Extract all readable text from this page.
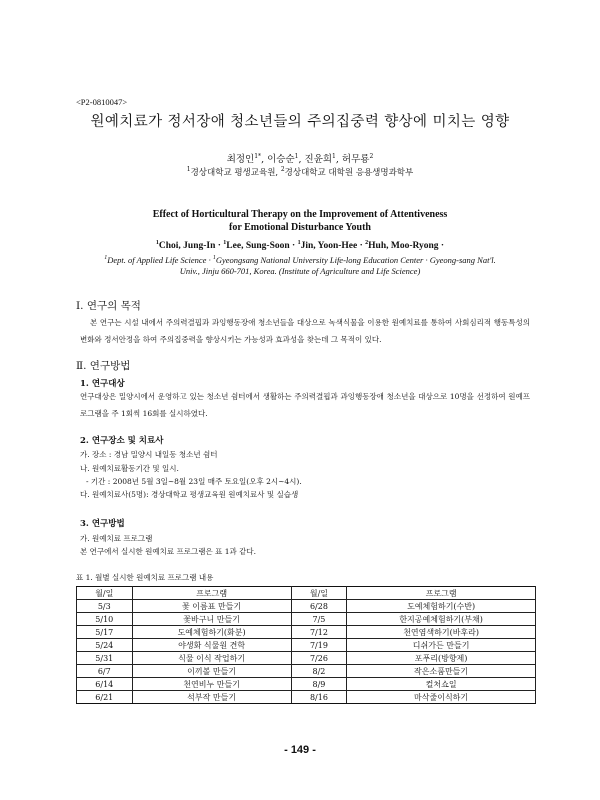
<P2-0810047>
원예치료가 정서장애 청소년들의 주의집중력 향상에 미치는 영향
최정인$^{1*}$, 이승순$^1$, 진윤희$^1$, 허무룡$^2$
$^1$경상대학교 평생교육원, $^2$경상대학교 대학원 응용생명과학부
Effect of Horticultural Therapy on the Improvement of Attentiveness
for Emotional Disturbance Youth
$^1$Choi, Jung-In · $^1$Lee, Sung-Soon · $^1$Jin, Yoon-Hee · $^2$Huh, Moo-Ryong ·
$^1$Dept. of Applied Life Science · $^1$Gyeongsang National University Life-long Education Center · Gyeong-sang Nat'l. Univ., Jinju 660-701, Korea. (Institute of Agriculture and Life Science)
Ⅰ. 연구의 목적
본 연구는 시설 내에서 주의력결핍과 과잉행동장애 청소년들을 대상으로 녹색식물을 이용한 원예치료를 통하여 사회심리적 행동특성의 변화와 정서안정을 하여 주의집중력을 향상시키는 가능성과 효과성을 찾는데 그 목적이 있다.
Ⅱ. 연구방법
1. 연구대상
연구대상은 밀양시에서 운영하고 있는 청소년 쉼터에서 생활하는 주의력결핍과 과잉행동장애 청소년을 대상으로 10명을 선정하여 원예프로그램을 주 1회씩 16회를 실시하였다.
2. 연구장소 및 치료사
가. 장소 : 경남 밀양시 내일동 청소년 쉼터
나. 원예치료활동기간 및 일시.
- 기간 : 2008년 5월 3일~8월 23일 매주 토요일(오후 2시~4시).
다. 원예치료사(5명): 경상대학교 평생교육원 원예치료사 및 실습생
3. 연구방법
가. 원예치료 프로그램
본 연구에서 실시한 원예치료 프로그램은 표 1과 같다.
표 1. 월별 실시한 원예치료 프로그램 내용
월/일	프로그램	월/일	프로그램
5/3	꽃 이름표 만들기	6/28	도예체험하기(수반)
5/10	꽃바구니 만들기	7/5	한지공예체험하기(부채)
5/17	도예체험하기(화분)	7/12	천연염색하기(바후라)
5/24	야생화 식물원 견학	7/19	디쉬가든 만들기
5/31	식물 이식 작업하기	7/26	포푸리(방향제)
6/7	이끼볼 만들기	8/2	작은소품만들기
6/14	천연비누 만들기	8/9	컬처쇼일
6/21	석부작 만들기	8/16	마삭줄이식하기
- 149 -
